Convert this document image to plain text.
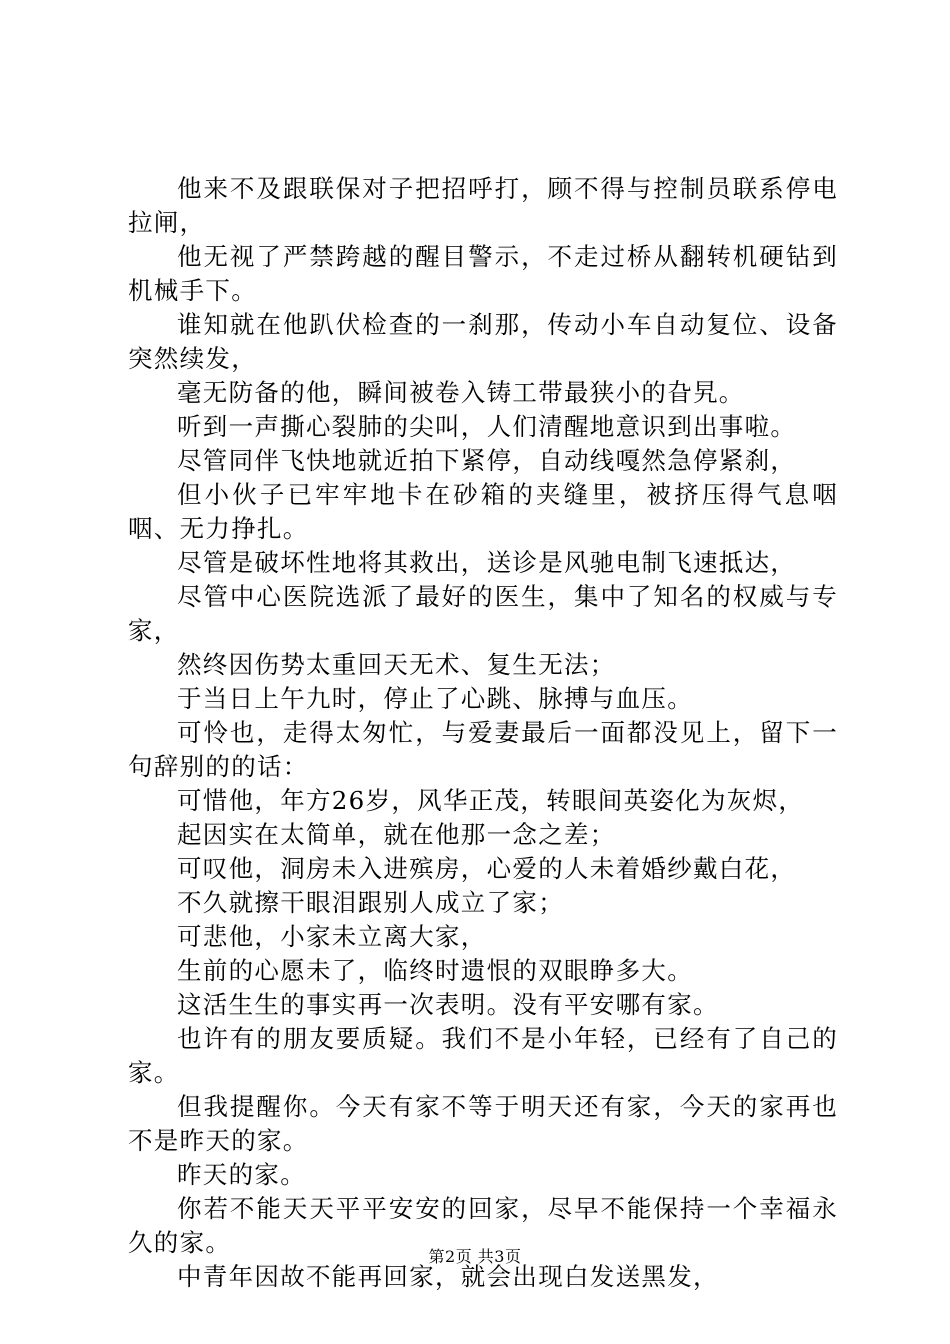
他来不及跟联保对子把招呼打，顾不得与控制员联系停电拉闸，

他无视了严禁跨越的醒目警示，不走过桥从翻转机硬钻到机械手下。

谁知就在他趴伏检查的一刹那，传动小车自动复位、设备突然续发，

毫无防备的他，瞬间被卷入铸工带最狭小的旮旯。

听到一声撕心裂肺的尖叫，人们清醒地意识到出事啦。

尽管同伴飞快地就近拍下紧停，自动线嘎然急停紧刹，

但小伙子已牢牢地卡在砂箱的夹缝里，被挤压得气息咽咽、无力挣扎。

尽管是破坏性地将其救出，送诊是风驰电制飞速抵达，

尽管中心医院选派了最好的医生，集中了知名的权威与专家，

然终因伤势太重回天无术、复生无法；

于当日上午九时，停止了心跳、脉搏与血压。

可怜也，走得太匆忙，与爱妻最后一面都没见上，留下一句辞别的的话：

可惜他，年方26岁，风华正茂，转眼间英姿化为灰烬，

起因实在太简单，就在他那一念之差；

可叹他，洞房未入进殡房，心爱的人未着婚纱戴白花，

不久就擦干眼泪跟别人成立了家；

可悲他，小家未立离大家，

生前的心愿未了，临终时遗恨的双眼睁多大。

这活生生的事实再一次表明。没有平安哪有家。

也许有的朋友要质疑。我们不是小年轻，已经有了自己的家。

但我提醒你。今天有家不等于明天还有家，今天的家再也不是昨天的家。

昨天的家。

你若不能天天平平安安的回家，尽早不能保持一个幸福永久的家。

中青年因故不能再回家，就会出现白发送黑发，

第2页 共3页
